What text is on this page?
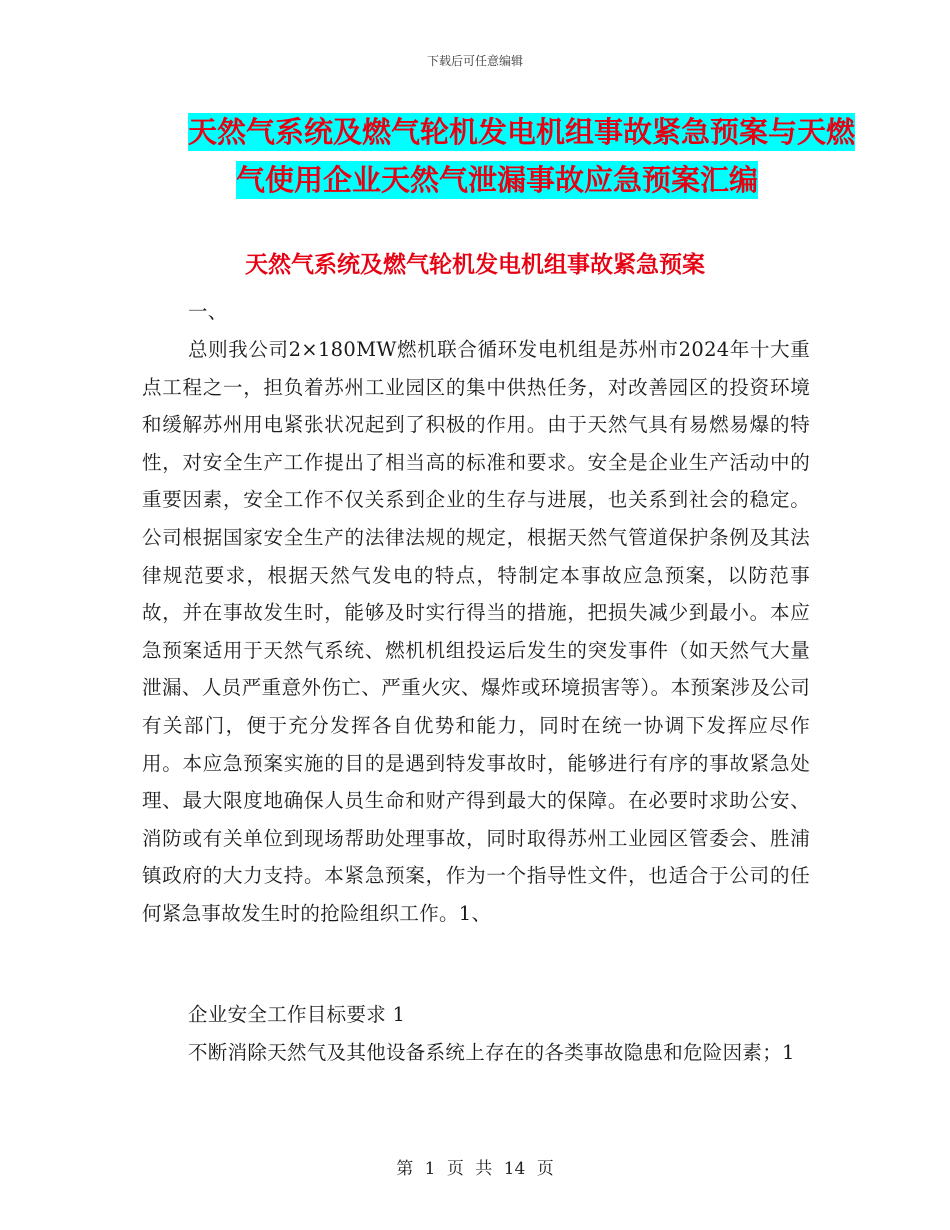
下载后可任意编辑
天然气系统及燃气轮机发电机组事故紧急预案与天燃
气使用企业天然气泄漏事故应急预案汇编
天然气系统及燃气轮机发电机组事故紧急预案

一、

总则我公司2×180MW燃机联合循环发电机组是苏州市2024年十大重点工程之一，担负着苏州工业园区的集中供热任务，对改善园区的投资环境和缓解苏州用电紧张状况起到了积极的作用。由于天然气具有易燃易爆的特性，对安全生产工作提出了相当高的标准和要求。安全是企业生产活动中的重要因素，安全工作不仅关系到企业的生存与进展，也关系到社会的稳定。公司根据国家安全生产的法律法规的规定，根据天然气管道保护条例及其法律规范要求，根据天然气发电的特点，特制定本事故应急预案，以防范事故，并在事故发生时，能够及时实行得当的措施，把损失减少到最小。本应急预案适用于天然气系统、燃机机组投运后发生的突发事件（如天然气大量泄漏、人员严重意外伤亡、严重火灾、爆炸或环境损害等）。本预案涉及公司有关部门，便于充分发挥各自优势和能力，同时在统一协调下发挥应尽作用。本应急预案实施的目的是遇到特发事故时，能够进行有序的事故紧急处理、最大限度地确保人员生命和财产得到最大的保障。在必要时求助公安、消防或有关单位到现场帮助处理事故，同时取得苏州工业园区管委会、胜浦镇政府的大力支持。本紧急预案，作为一个指导性文件，也适合于公司的任何紧急事故发生时的抢险组织工作。1、

企业安全工作目标要求 1

不断消除天然气及其他设备系统上存在的各类事故隐患和危险因素；1

第 1 页 共 14 页
